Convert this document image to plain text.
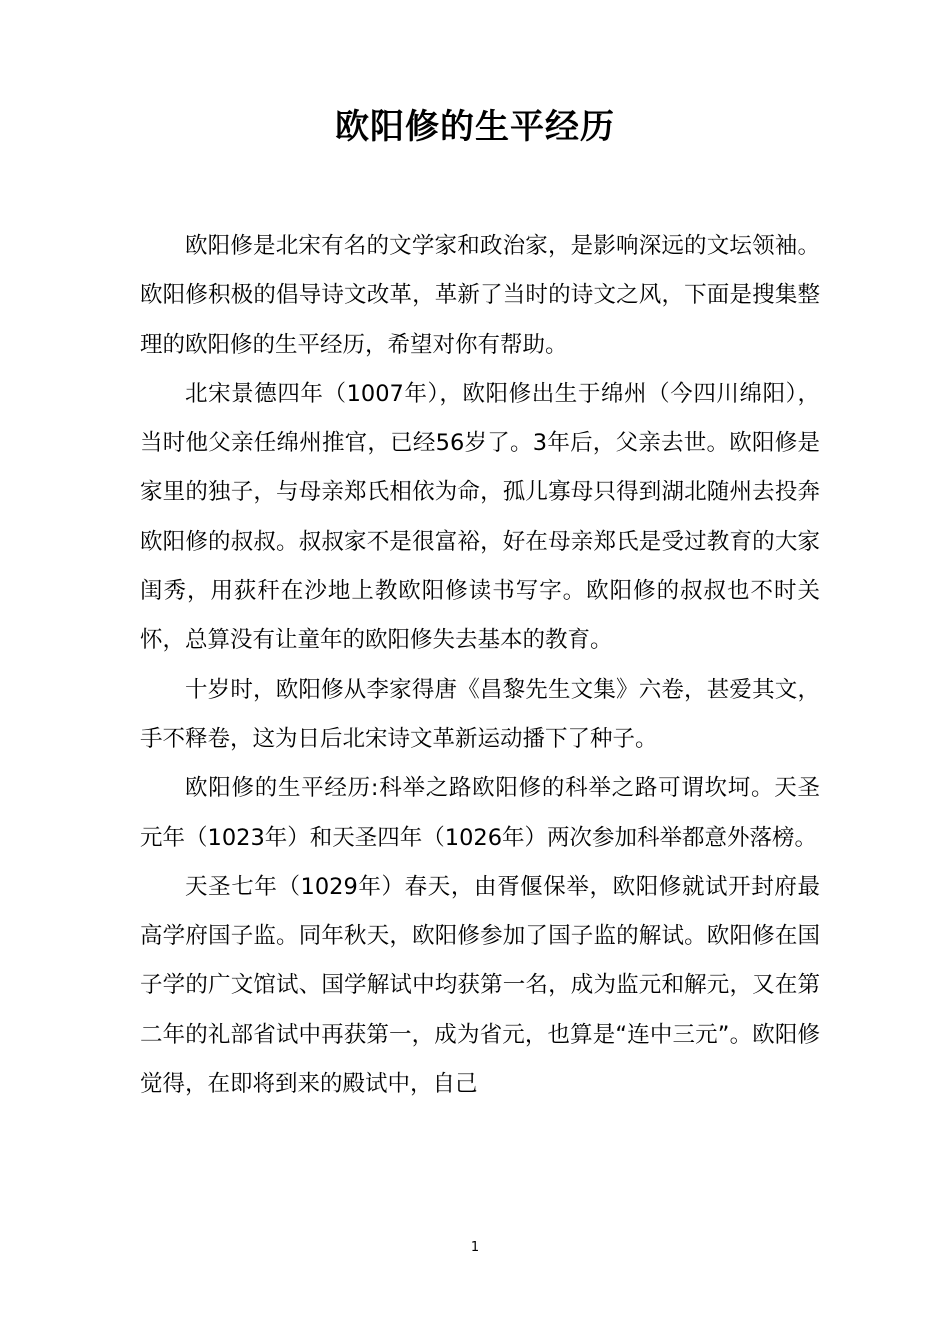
欧阳修的生平经历

欧阳修是北宋有名的文学家和政治家，是影响深远的文坛领袖。欧阳修积极的倡导诗文改革，革新了当时的诗文之风，下面是搜集整理的欧阳修的生平经历，希望对你有帮助。

北宋景德四年（1007年），欧阳修出生于绵州（今四川绵阳），当时他父亲任绵州推官，已经56岁了。3年后，父亲去世。欧阳修是家里的独子，与母亲郑氏相依为命，孤儿寡母只得到湖北随州去投奔欧阳修的叔叔。叔叔家不是很富裕，好在母亲郑氏是受过教育的大家闺秀，用荻秆在沙地上教欧阳修读书写字。欧阳修的叔叔也不时关怀，总算没有让童年的欧阳修失去基本的教育。

十岁时，欧阳修从李家得唐《昌黎先生文集》六卷，甚爱其文，手不释卷，这为日后北宋诗文革新运动播下了种子。

欧阳修的生平经历:科举之路欧阳修的科举之路可谓坎坷。天圣元年（1023年）和天圣四年（1026年）两次参加科举都意外落榜。

天圣七年（1029年）春天，由胥偃保举，欧阳修就试开封府最高学府国子监。同年秋天，欧阳修参加了国子监的解试。欧阳修在国子学的广文馆试、国学解试中均获第一名，成为监元和解元，又在第二年的礼部省试中再获第一，成为省元，也算是“连中三元”。欧阳修觉得，在即将到来的殿试中，自己

1
